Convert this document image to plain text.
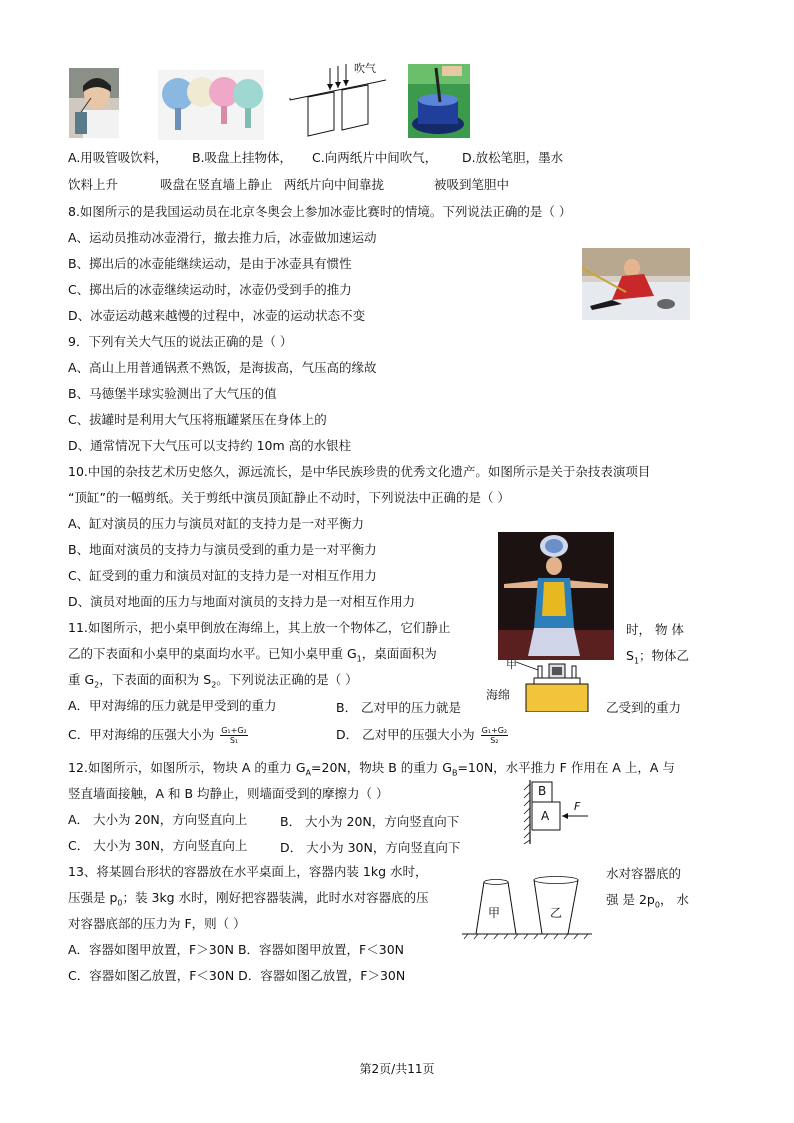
吹气
A.用吸管吸饮料， B.吸盘上挂物体， C.向两纸片中间吹气， D.放松笔胆，墨水
饮料上升	吸盘在竖直墙上静止 两纸片向中间靠拢	被吸到笔胆中
8.如图所示的是我国运动员在北京冬奥会上参加冰壶比赛时的情境。下列说法正确的是（ ）
A、运动员推动冰壶滑行，撤去推力后，冰壶做加速运动
B、掷出后的冰壶能继续运动，是由于冰壶具有惯性
C、掷出后的冰壶继续运动时，冰壶仍受到手的推力
D、冰壶运动越来越慢的过程中，冰壶的运动状态不变
9．下列有关大气压的说法正确的是（ ）
A、高山上用普通锅煮不熟饭，是海拔高，气压高的缘故
B、马德堡半球实验测出了大气压的值
C、拔罐时是利用大气压将瓶罐紧压在身体上的
D、通常情况下大气压可以支持约 10m 高的水银柱
10.中国的杂技艺术历史悠久，源远流长，是中华民族珍贵的优秀文化遗产。如图所示是关于杂技表演项目
“顶缸”的一幅剪纸。关于剪纸中演员顶缸静止不动时，下列说法中正确的是（ ）
A、缸对演员的压力与演员对缸的支持力是一对平衡力
B、地面对演员的支持力与演员受到的重力是一对平衡力
C、缸受到的重力和演员对缸的支持力是一对相互作用力
D、演员对地面的压力与地面对演员的支持力是一对相互作用力
11.如图所示，把小桌甲倒放在海绵上，其上放一个物体乙，它们静止	时， 物 体
乙的下表面和小桌甲的桌面均水平。已知小桌甲重 $G_1$，桌面面积为	$S_1$；物体乙
重 $G_2$，下表面的面积为 $S_2$。下列说法正确的是（ ）
A．甲对海绵的压力就是甲受到的重力	B． 乙对甲的压力就是	乙受到的重力
C．甲对海绵的压强大小为 $\frac{\text{G₁+G₂}}{\text{S₁}}$	D． 乙对甲的压强大小为 $\frac{\text{G₁+G₂}}{\text{S₂}}$
甲
海绵
12.如图所示，如图所示，物块 A 的重力 $G_A=20N$，物块 B 的重力 $G_B=10N$，水平推力 F 作用在 A 上，A 与
竖直墙面接触，A 和 B 均静止，则墙面受到的摩擦力（ ）
A． 大小为 20N，方向竖直向上	B． 大小为 20N，方向竖直向下
C． 大小为 30N，方向竖直向上	D． 大小为 30N，方向竖直向下
B
A
F
13、将某圆台形状的容器放在水平桌面上，容器内装 1kg 水时，	水对容器底的
压强是 $p_0$；装 3kg 水时，刚好把容器装满，此时水对容器底的压	强 是 $2p_0$， 水
对容器底部的压力为 F，则（ ）
A．容器如图甲放置，F＞30N B．容器如图甲放置，F＜30N
C．容器如图乙放置，F＜30N D．容器如图乙放置，F＞30N
甲	乙
第2页/共11页
